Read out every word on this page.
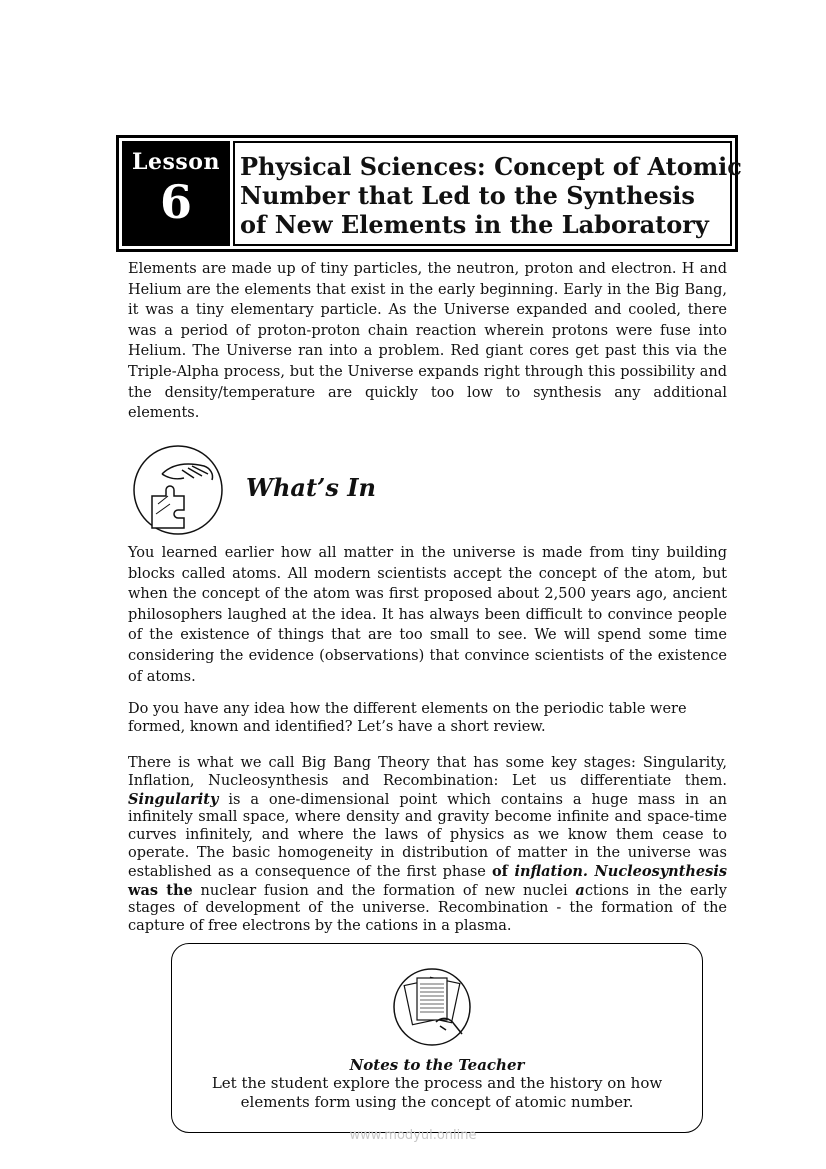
Lesson
6
Physical Sciences: Concept of Atomic
Number that Led to the Synthesis
of New Elements in the Laboratory

Elements are made up of tiny particles, the neutron, proton and electron. H and Helium are the elements that exist in the early beginning. Early in the Big Bang, it was a tiny elementary particle. As the Universe expanded and cooled, there was a period of proton-proton chain reaction wherein protons were fuse into Helium. The Universe ran into a problem. Red giant cores get past this via the Triple-Alpha process, but the Universe expands right through this possibility and the density/temperature are quickly too low to synthesis any additional elements.

What’s In

You learned earlier how all matter in the universe is made from tiny building blocks called atoms. All modern scientists accept the concept of the atom, but when the concept of the atom was first proposed about 2,500 years ago, ancient philosophers laughed at the idea. It has always been difficult to convince people of the existence of things that are too small to see. We will spend some time considering the evidence (observations) that convince scientists of the existence of atoms.

Do you have any idea how the different elements on the periodic table were formed, known and identified? Let’s have a short review.

There is what we call Big Bang Theory that has some key stages: Singularity, Inflation, Nucleosynthesis and Recombination: Let us differentiate them. Singularity is a one-dimensional point which contains a huge mass in an infinitely small space, where density and gravity become infinite and space-time curves infinitely, and where the laws of physics as we know them cease to operate. The basic homogeneity in distribution of matter in the universe was established as a consequence of the first phase of inflation. Nucleosynthesis was the nuclear fusion and the formation of new nuclei actions in the early stages of development of the universe. Recombination - the formation of the capture of free electrons by the cations in a plasma.

Notes to the Teacher
Let the student explore the process and the history on how
elements form using the concept of atomic number.
www.modyul.online
